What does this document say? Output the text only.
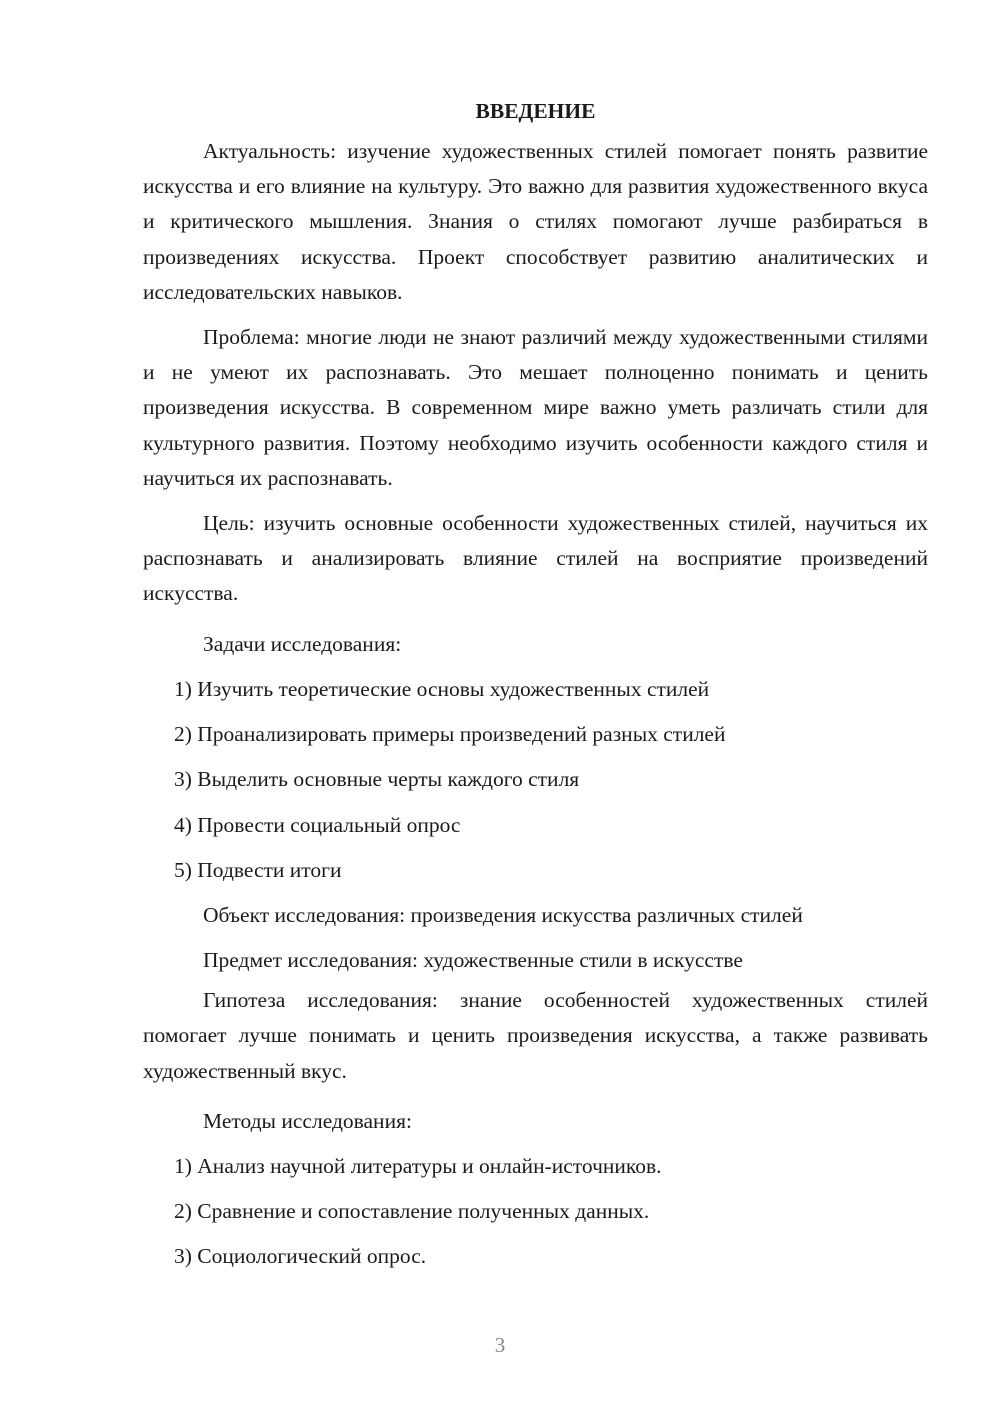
ВВЕДЕНИЕ

Актуальность: изучение художественных стилей помогает понять развитие искусства и его влияние на культуру. Это важно для развития художественного вкуса и критического мышления. Знания о стилях помогают лучше разбираться в произведениях искусства. Проект способствует развитию аналитических и исследовательских навыков.

Проблема: многие люди не знают различий между художественными стилями и не умеют их распознавать. Это мешает полноценно понимать и ценить произведения искусства. В современном мире важно уметь различать стили для культурного развития. Поэтому необходимо изучить особенности каждого стиля и научиться их распознавать.

Цель: изучить основные особенности художественных стилей, научиться их распознавать и анализировать влияние стилей на восприятие произведений искусства.

Задачи исследования:

1) Изучить теоретические основы художественных стилей

2) Проанализировать примеры произведений разных стилей

3) Выделить основные черты каждого стиля

4) Провести социальный опрос

5) Подвести итоги

Объект исследования: произведения искусства различных стилей

Предмет исследования: художественные стили в искусстве

Гипотеза исследования: знание особенностей художественных стилей помогает лучше понимать и ценить произведения искусства, а также развивать художественный вкус.

Методы исследования:

1) Анализ научной литературы и онлайн-источников.

2) Сравнение и сопоставление полученных данных.

3) Социологический опрос.

3
